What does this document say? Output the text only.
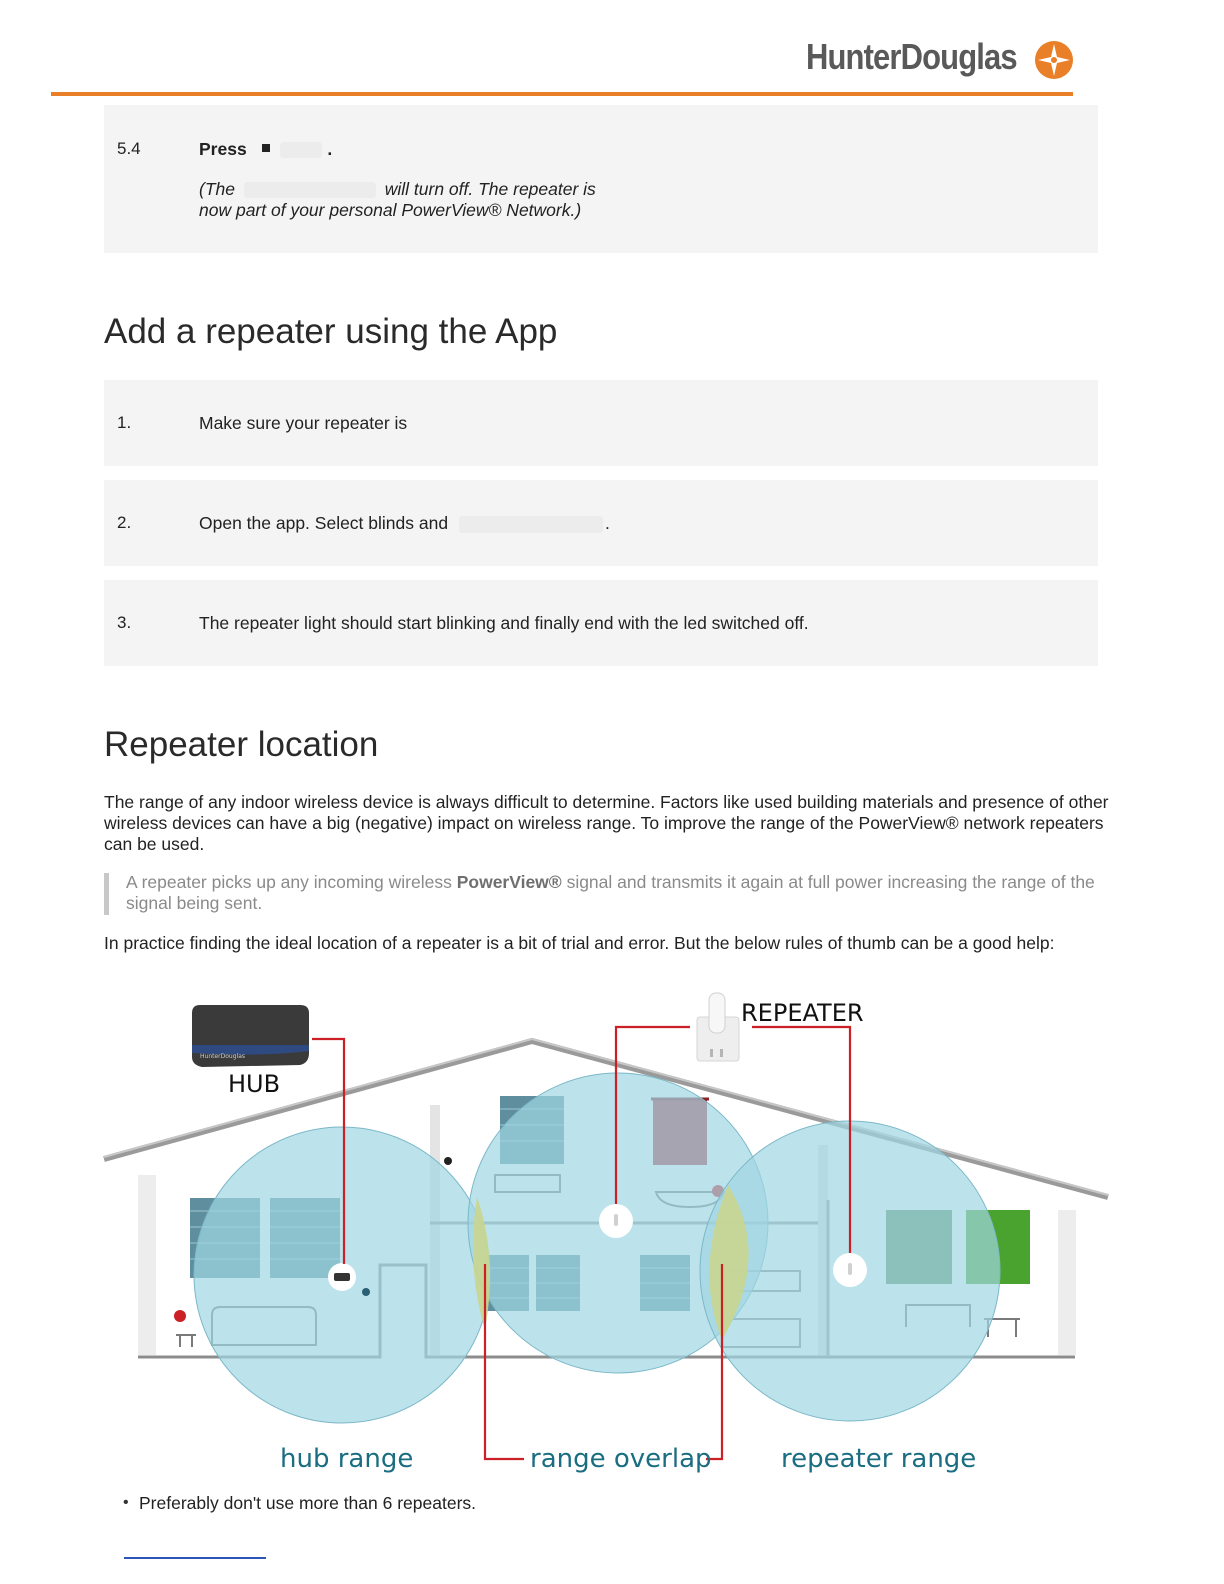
HunterDouglas
5.4	Press	.
(The	will turn off. The repeater is
now part of your personal PowerView® Network.)
Add a repeater using the App
1.	Make sure your repeater is
2.	Open the app. Select blinds and	.
3.	The repeater light should start blinking and finally end with the led switched off.
Repeater location
The range of any indoor wireless device is always difficult to determine. Factors like used building materials and presence of other wireless devices can have a big (negative) impact on wireless range. To improve the range of the PowerView® network repeaters can be used.
A repeater picks up any incoming wireless PowerView® signal and transmits it again at full power increasing the range of the signal being sent.
In practice finding the ideal location of a repeater is a bit of trial and error. But the below rules of thumb can be a good help:
HunterDouglas
HUB
REPEATER
hub range	range overlap	repeater range
• Preferably don't use more than 6 repeaters.
